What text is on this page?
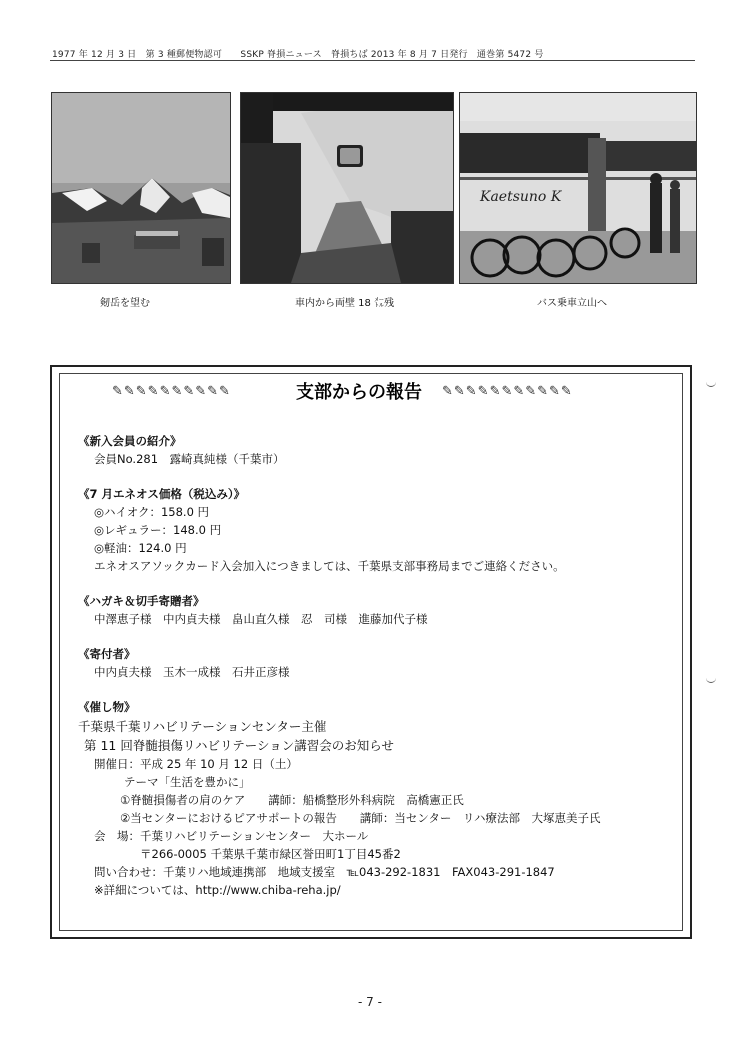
1977 年 12 月 3 日　第 3 種郵便物認可　　SSKP 脊損ニュース　脊損ちば 2013 年 8 月 7 日発行　通巻第 5472 号
剱岳を望む	車内から両壁 18 ㍍残
Kaetsuno K
バス乗車立山へ
✎✎✎✎✎✎✎✎✎✎	支部からの報告 ✎✎✎✎✎✎✎✎✎✎✎
《新入会員の紹介》
会員No.281　露崎真純様（千葉市）
《7 月エネオス価格（税込み）》
◎ハイオク：158.0 円
◎レギュラー：148.0 円
◎軽油：124.0 円
エネオスアソックカード入会加入につきましては、千葉県支部事務局までご連絡ください。
《ハガキ＆切手寄贈者》
中澤恵子様　中内貞夫様　畠山直久様　忍　司様　進藤加代子様
《寄付者》
中内貞夫様　玉木一成様　石井正彦様
《催し物》
千葉県千葉リハビリテーションセンター主催
第 11 回脊髄損傷リハビリテーション講習会のお知らせ
開催日：平成 25 年 10 月 12 日（土）
テーマ「生活を豊かに」
①脊髄損傷者の肩のケア　　講師：船橋整形外科病院　高橋憲正氏
②当センターにおけるピアサポートの報告　　講師：当センター　リハ療法部　大塚恵美子氏
会　場：千葉リハビリテーションセンター　大ホール
〒266-0005 千葉県千葉市緑区誉田町1丁目45番2
問い合わせ：千葉リハ地域連携部　地域支援室　℡043-292-1831　FAX043-291-1847
※詳細については、http://www.chiba-reha.jp/
- 7 -
